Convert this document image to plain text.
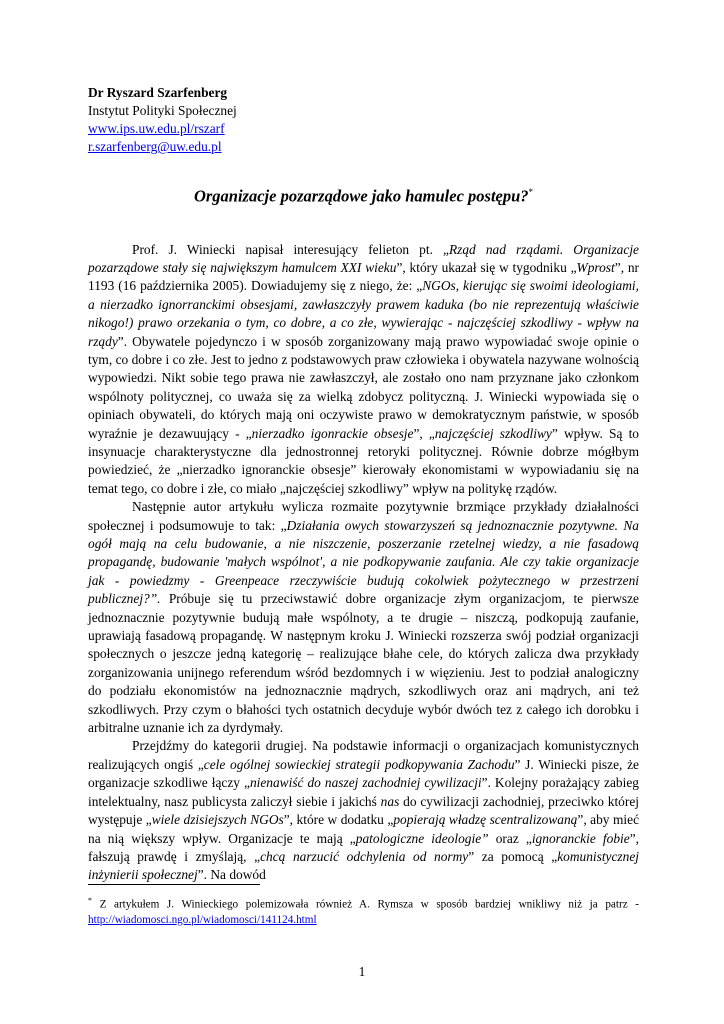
Dr Ryszard Szarfenberg
Instytut Polityki Społecznej
www.ips.uw.edu.pl/rszarf
r.szarfenberg@uw.edu.pl
Organizacje pozarządowe jako hamulec postępu?*

Prof. J. Winiecki napisał interesujący felieton pt. „Rząd nad rządami. Organizacje pozarządowe stały się największym hamulcem XXI wieku”, który ukazał się w tygodniku „Wprost”, nr 1193 (16 października 2005). Dowiadujemy się z niego, że: „NGOs, kierując się swoimi ideologiami, a nierzadko ignorranckimi obsesjami, zawłaszczyły prawem kaduka (bo nie reprezentują właściwie nikogo!) prawo orzekania o tym, co dobre, a co złe, wywierając - najczęściej szkodliwy - wpływ na rządy”. Obywatele pojedynczo i w sposób zorganizowany mają prawo wypowiadać swoje opinie o tym, co dobre i co złe. Jest to jedno z podstawowych praw człowieka i obywatela nazywane wolnością wypowiedzi. Nikt sobie tego prawa nie zawłaszczył, ale zostało ono nam przyznane jako członkom wspólnoty politycznej, co uważa się za wielką zdobycz polityczną. J. Winiecki wypowiada się o opiniach obywateli, do których mają oni oczywiste prawo w demokratycznym państwie, w sposób wyraźnie je dezawuujący - „nierzadko igonrackie obsesje”, „najczęściej szkodliwy” wpływ. Są to insynuacje charakterystyczne dla jednostronnej retoryki politycznej. Równie dobrze mógłbym powiedzieć, że „nierzadko ignoranckie obsesje” kierowały ekonomistami w wypowiadaniu się na temat tego, co dobre i złe, co miało „najczęściej szkodliwy” wpływ na politykę rządów.

Następnie autor artykułu wylicza rozmaite pozytywnie brzmiące przykłady działalności społecznej i podsumowuje to tak: „Działania owych stowarzyszeń są jednoznacznie pozytywne. Na ogół mają na celu budowanie, a nie niszczenie, poszerzanie rzetelnej wiedzy, a nie fasadową propagandę, budowanie 'małych wspólnot', a nie podkopywanie zaufania. Ale czy takie organizacje jak - powiedzmy - Greenpeace rzeczywiście budują cokolwiek pożytecznego w przestrzeni publicznej?”. Próbuje się tu przeciwstawić dobre organizacje złym organizacjom, te pierwsze jednoznacznie pozytywnie budują małe wspólnoty, a te drugie – niszczą, podkopują zaufanie, uprawiają fasadową propagandę. W następnym kroku J. Winiecki rozszerza swój podział organizacji społecznych o jeszcze jedną kategorię – realizujące błahe cele, do których zalicza dwa przykłady zorganizowania unijnego referendum wśród bezdomnych i w więzieniu. Jest to podział analogiczny do podziału ekonomistów na jednoznacznie mądrych, szkodliwych oraz ani mądrych, ani też szkodliwych. Przy czym o błahości tych ostatnich decyduje wybór dwóch tez z całego ich dorobku i arbitralne uznanie ich za dyrdymały.

Przejdźmy do kategorii drugiej. Na podstawie informacji o organizacjach komunistycznych realizujących ongiś „cele ogólnej sowieckiej strategii podkopywania Zachodu” J. Winiecki pisze, że organizacje szkodliwe łączy „nienawiść do naszej zachodniej cywilizacji”. Kolejny porażający zabieg intelektualny, nasz publicysta zaliczył siebie i jakichś nas do cywilizacji zachodniej, przeciwko której występuje „wiele dzisiejszych NGOs”, które w dodatku „popierają władzę scentralizowaną”, aby mieć na nią większy wpływ. Organizacje te mają „patologiczne ideologie” oraz „ignoranckie fobie”, fałszują prawdę i zmyślają, „chcą narzucić odchylenia od normy” za pomocą „komunistycznej inżynierii społecznej”. Na dowód

* Z artykułem J. Winieckiego polemizowała również A. Rymsza w sposób bardziej wnikliwy niż ja patrz - http://wiadomosci.ngo.pl/wiadomosci/141124.html
1
